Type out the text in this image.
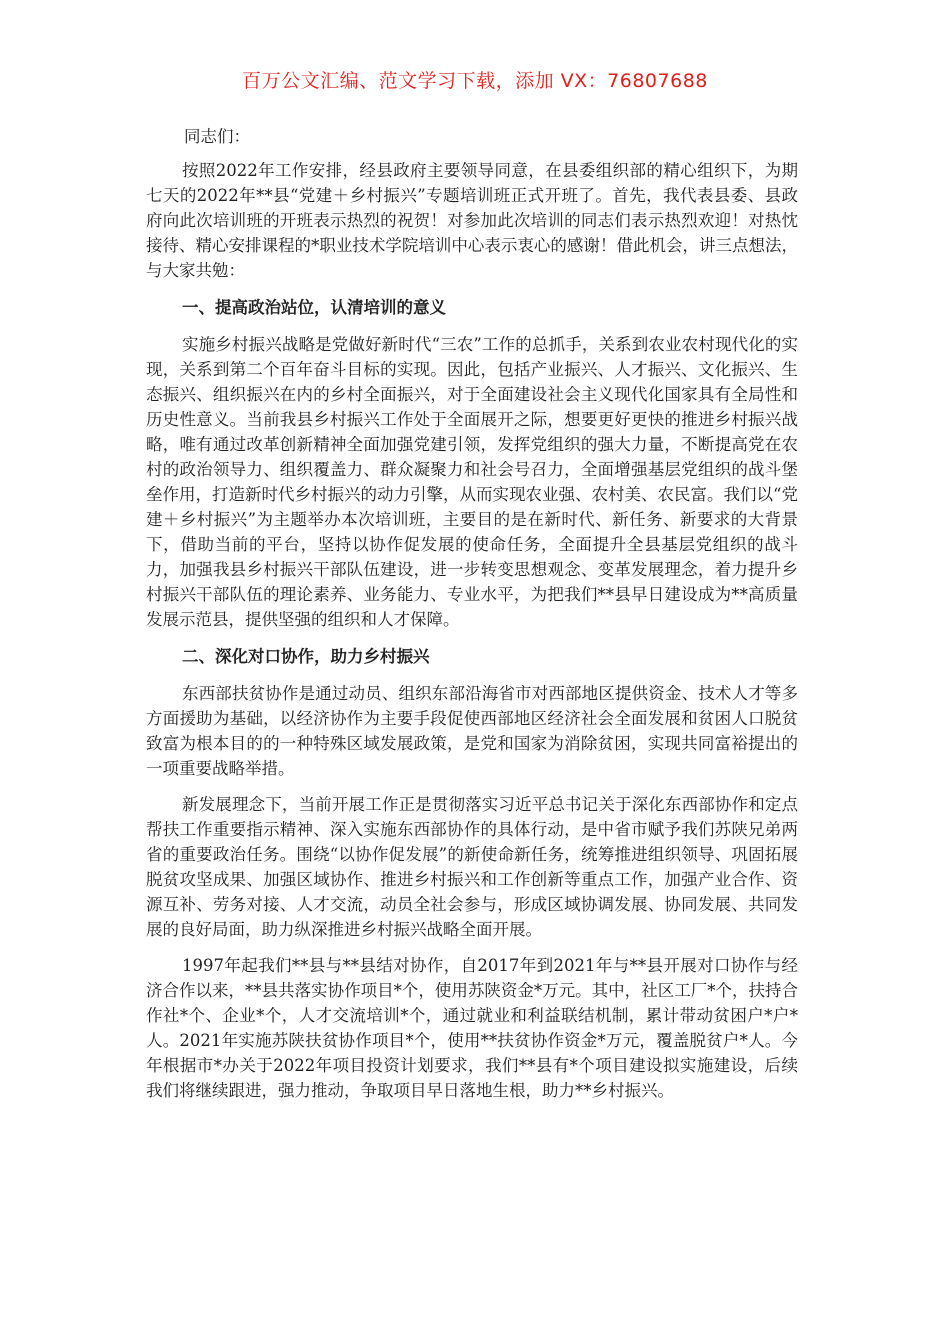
百万公文汇编、范文学习下载，添加 VX：76807688

同志们：

按照2022年工作安排，经县政府主要领导同意，在县委组织部的精心组织下，为期七天的2022年**县“党建＋乡村振兴”专题培训班正式开班了。首先，我代表县委、县政府向此次培训班的开班表示热烈的祝贺！对参加此次培训的同志们表示热烈欢迎！对热忱接待、精心安排课程的*职业技术学院培训中心表示衷心的感谢！借此机会，讲三点想法，与大家共勉：

一、提高政治站位，认清培训的意义

实施乡村振兴战略是党做好新时代“三农”工作的总抓手，关系到农业农村现代化的实现，关系到第二个百年奋斗目标的实现。因此，包括产业振兴、人才振兴、文化振兴、生态振兴、组织振兴在内的乡村全面振兴，对于全面建设社会主义现代化国家具有全局性和历史性意义。当前我县乡村振兴工作处于全面展开之际，想要更好更快的推进乡村振兴战略，唯有通过改革创新精神全面加强党建引领，发挥党组织的强大力量，不断提高党在农村的政治领导力、组织覆盖力、群众凝聚力和社会号召力，全面增强基层党组织的战斗堡垒作用，打造新时代乡村振兴的动力引擎，从而实现农业强、农村美、农民富。我们以“党建＋乡村振兴”为主题举办本次培训班，主要目的是在新时代、新任务、新要求的大背景下，借助当前的平台，坚持以协作促发展的使命任务，全面提升全县基层党组织的战斗力，加强我县乡村振兴干部队伍建设，进一步转变思想观念、变革发展理念，着力提升乡村振兴干部队伍的理论素养、业务能力、专业水平，为把我们**县早日建设成为**高质量发展示范县，提供坚强的组织和人才保障。

二、深化对口协作，助力乡村振兴

东西部扶贫协作是通过动员、组织东部沿海省市对西部地区提供资金、技术人才等多方面援助为基础，以经济协作为主要手段促使西部地区经济社会全面发展和贫困人口脱贫致富为根本目的的一种特殊区域发展政策，是党和国家为消除贫困，实现共同富裕提出的一项重要战略举措。

新发展理念下，当前开展工作正是贯彻落实习近平总书记关于深化东西部协作和定点帮扶工作重要指示精神、深入实施东西部协作的具体行动，是中省市赋予我们苏陕兄弟两省的重要政治任务。围绕“以协作促发展”的新使命新任务，统筹推进组织领导、巩固拓展脱贫攻坚成果、加强区域协作、推进乡村振兴和工作创新等重点工作，加强产业合作、资源互补、劳务对接、人才交流，动员全社会参与，形成区域协调发展、协同发展、共同发展的良好局面，助力纵深推进乡村振兴战略全面开展。

1997年起我们**县与**县结对协作，自2017年到2021年与**县开展对口协作与经济合作以来，**县共落实协作项目*个，使用苏陕资金*万元。其中，社区工厂*个，扶持合作社*个、企业*个，人才交流培训*个，通过就业和利益联结机制，累计带动贫困户*户*人。2021年实施苏陕扶贫协作项目*个，使用**扶贫协作资金*万元，覆盖脱贫户*人。今年根据市*办关于2022年项目投资计划要求，我们**县有*个项目建设拟实施建设，后续我们将继续跟进，强力推动，争取项目早日落地生根，助力**乡村振兴。
